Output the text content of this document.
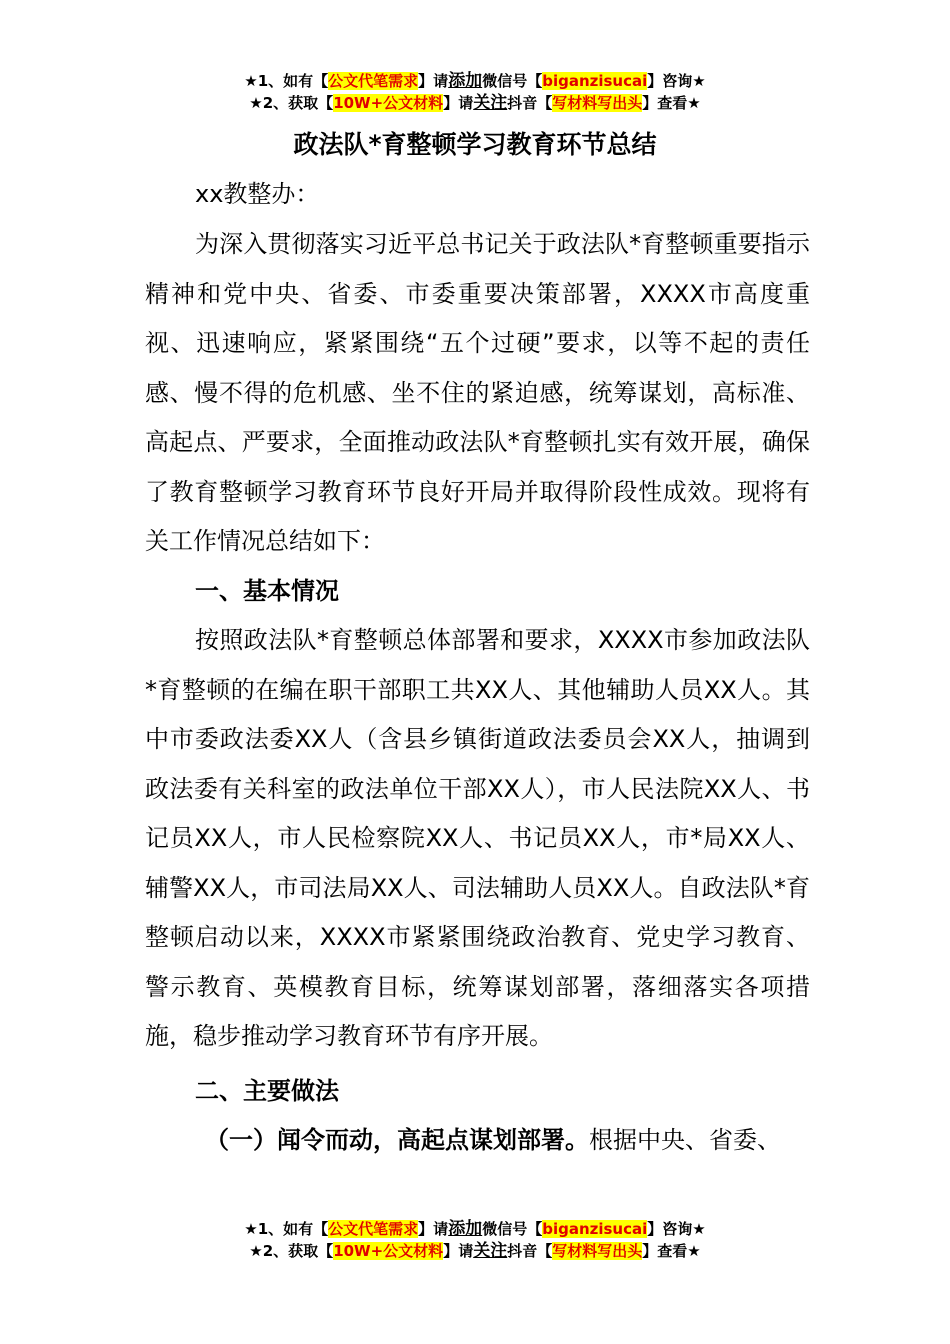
★1、如有【公文代笔需求】请添加微信号【biganzisucai】咨询★
★2、获取【10W+公文材料】请关注抖音【写材料写出头】查看★
政法队*育整顿学习教育环节总结

xx教整办：

为深入贯彻落实习近平总书记关于政法队*育整顿重要指示精神和党中央、省委、市委重要决策部署，XXXX市高度重视、迅速响应，紧紧围绕“五个过硬”要求，以等不起的责任感、慢不得的危机感、坐不住的紧迫感，统筹谋划，高标准、高起点、严要求，全面推动政法队*育整顿扎实有效开展，确保了教育整顿学习教育环节良好开局并取得阶段性成效。现将有关工作情况总结如下：

一、基本情况

按照政法队*育整顿总体部署和要求，XXXX市参加政法队*育整顿的在编在职干部职工共XX人、其他辅助人员XX人。其中市委政法委XX人（含县乡镇街道政法委员会XX人，抽调到政法委有关科室的政法单位干部XX人），市人民法院XX人、书记员XX人，市人民检察院XX人、书记员XX人，市*局XX人、辅警XX人，市司法局XX人、司法辅助人员XX人。自政法队*育整顿启动以来，XXXX市紧紧围绕政治教育、党史学习教育、警示教育、英模教育目标，统筹谋划部署，落细落实各项措施，稳步推动学习教育环节有序开展。

二、主要做法

（一）闻令而动，高起点谋划部署。根据中央、省委、

★1、如有【公文代笔需求】请添加微信号【biganzisucai】咨询★
★2、获取【10W+公文材料】请关注抖音【写材料写出头】查看★
